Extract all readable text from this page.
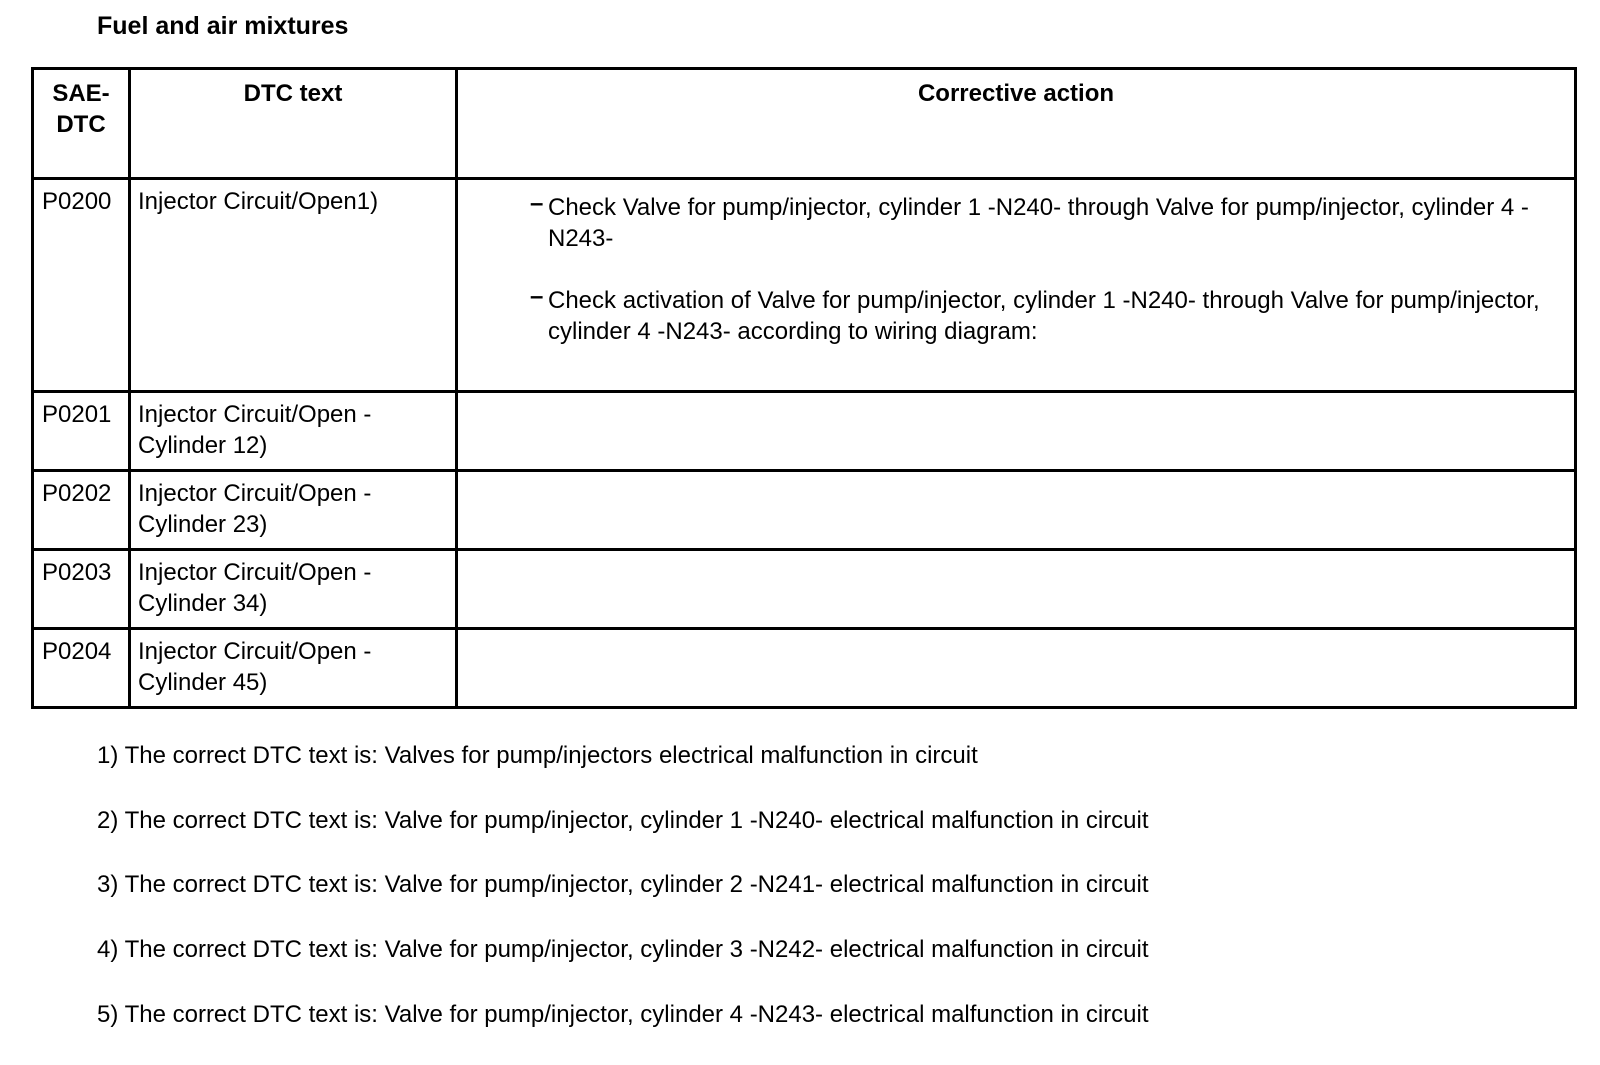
Fuel and air mixtures
SAE-
DTC	DTC text	Corrective action
P0200	Injector Circuit/Open1)	– Check Valve for pump/injector, cylinder 1 -N240- through Valve for pump/injector, cylinder 4 -N243-
– Check activation of Valve for pump/injector, cylinder 1 -N240- through Valve for pump/injector, cylinder 4 -N243- according to wiring diagram:

P0201	Injector Circuit/Open - Cylinder 12)	
P0202	Injector Circuit/Open - Cylinder 23)	
P0203	Injector Circuit/Open - Cylinder 34)	
P0204	Injector Circuit/Open - Cylinder 45)	
1) The correct DTC text is: Valves for pump/injectors electrical malfunction in circuit
2) The correct DTC text is: Valve for pump/injector, cylinder 1 -N240- electrical malfunction in circuit
3) The correct DTC text is: Valve for pump/injector, cylinder 2 -N241- electrical malfunction in circuit
4) The correct DTC text is: Valve for pump/injector, cylinder 3 -N242- electrical malfunction in circuit
5) The correct DTC text is: Valve for pump/injector, cylinder 4 -N243- electrical malfunction in circuit
